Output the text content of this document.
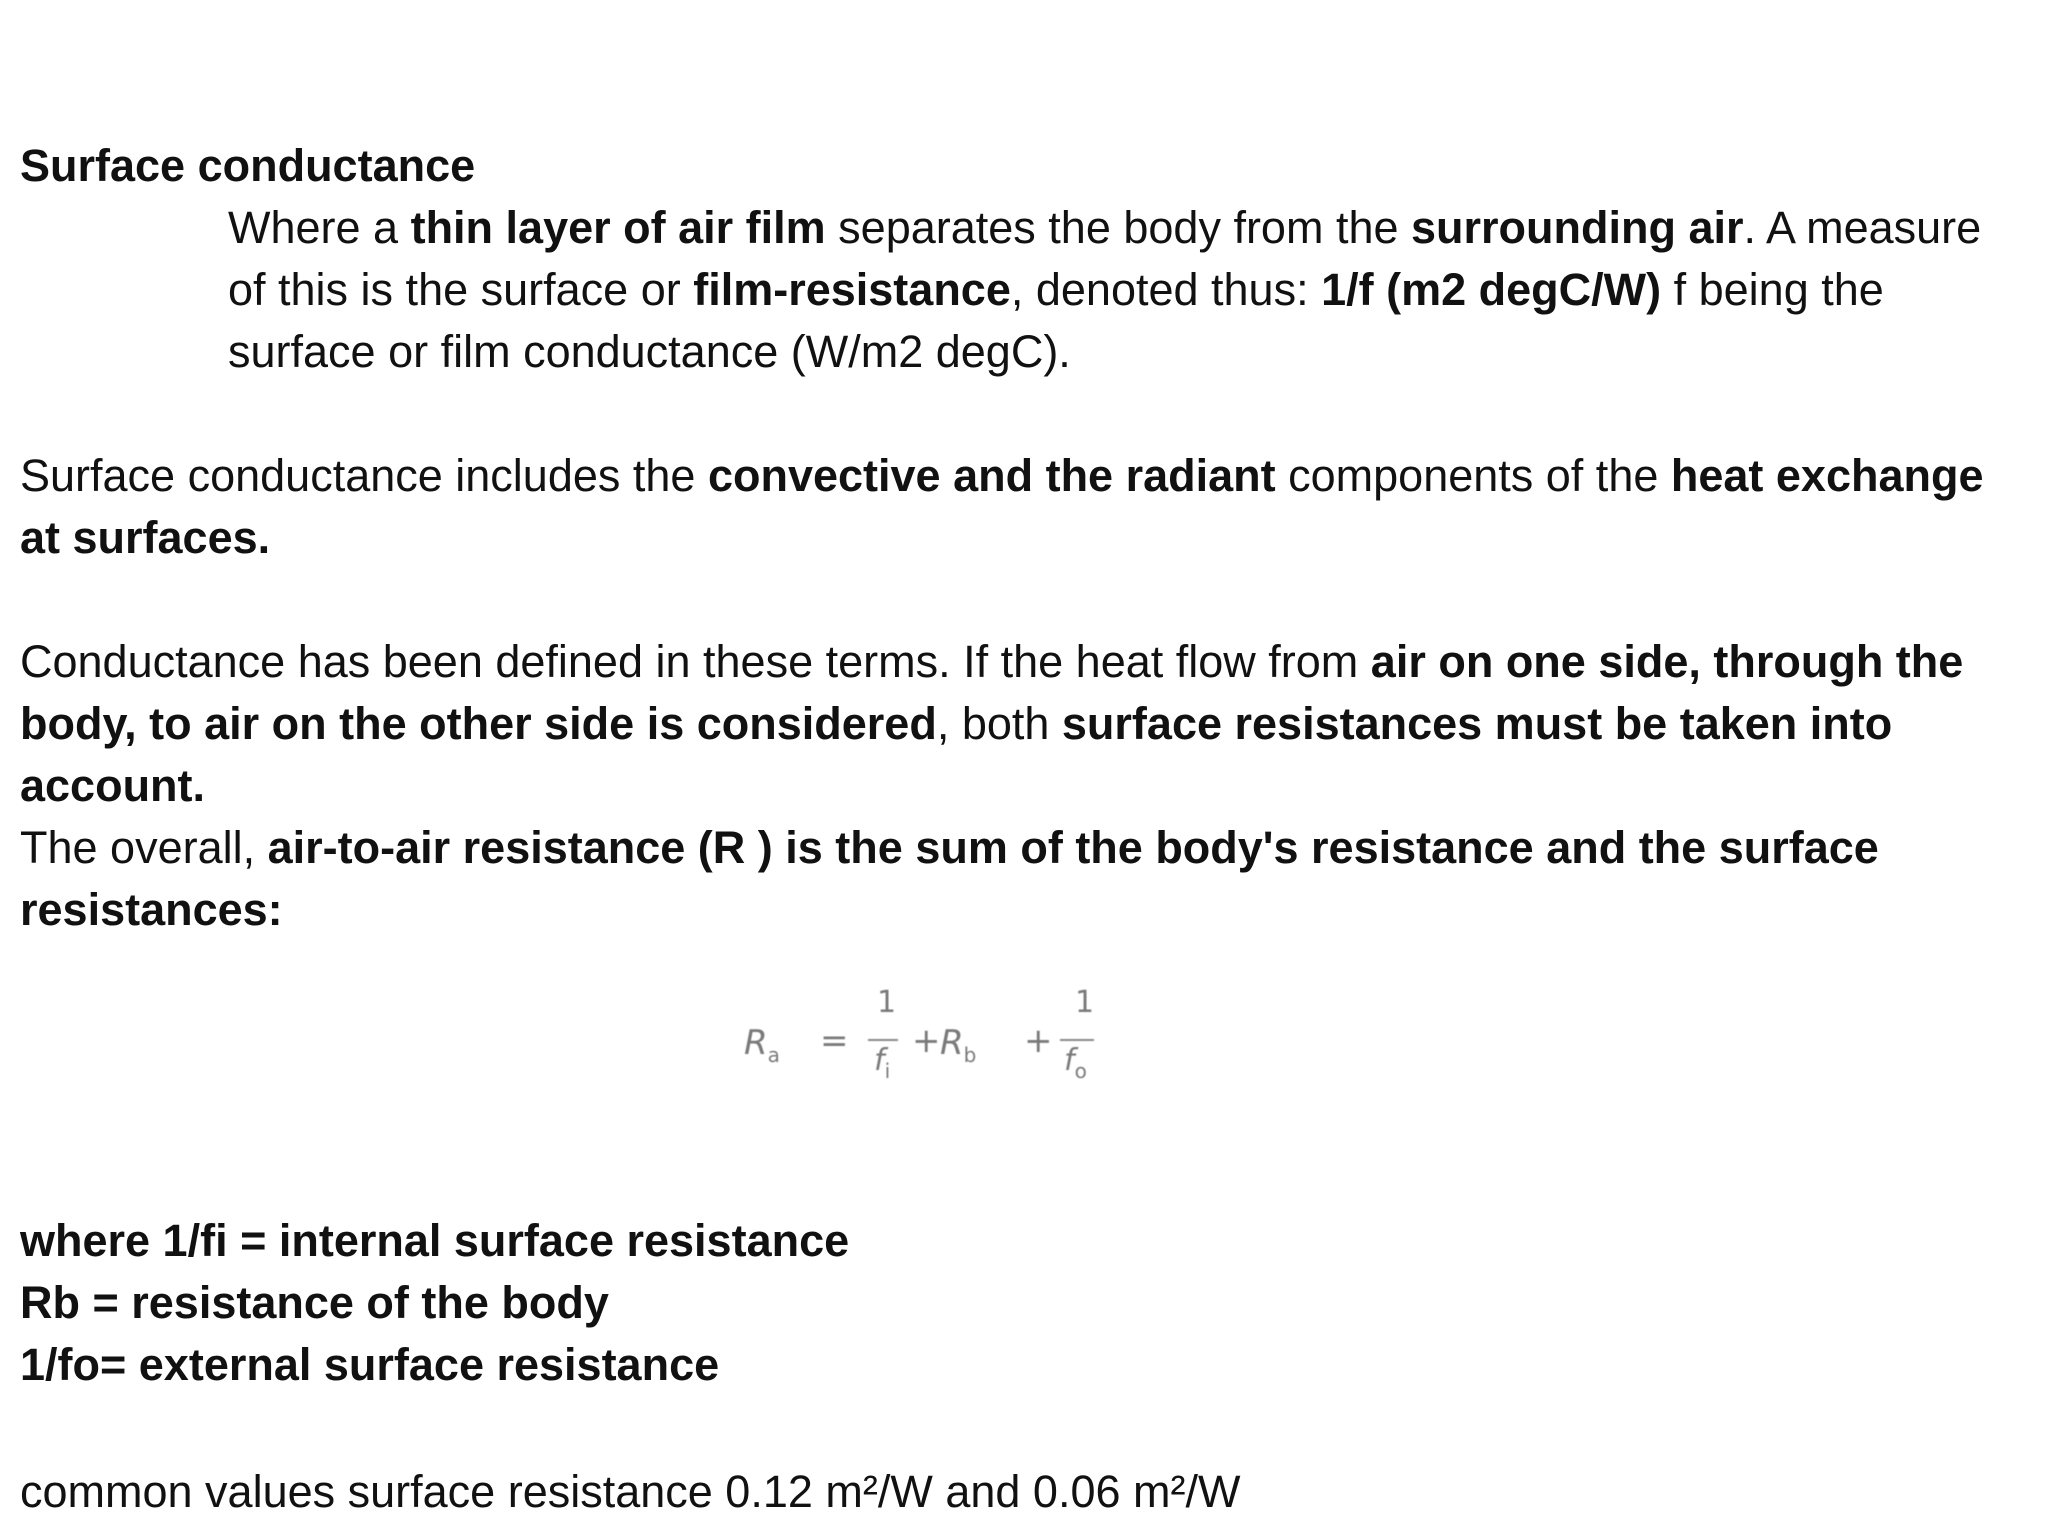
Surface conductance

Where a thin layer of air film separates the body from the surrounding air. A measure of this is the surface or film-resistance, denoted thus: 1/f (m2 degC/W) f being the surface or film conductance (W/m2 degC).

Surface conductance includes the convective and the radiant components of the heat exchange at surfaces.

Conductance has been defined in these terms. If the heat flow from air on one side, through the body, to air on the other side is considered, both surface resistances must be taken into account.

The overall, air-to-air resistance (R ) is the sum of the body's resistance and the surface resistances:

$R_a$ =
1
$f_i$
+ $R_b$ +
1
$f_o$
where 1/fi = internal surface resistance
Rb = resistance of the body
1/fo= external surface resistance
common values surface resistance 0.12 m²/W and 0.06 m²/W
